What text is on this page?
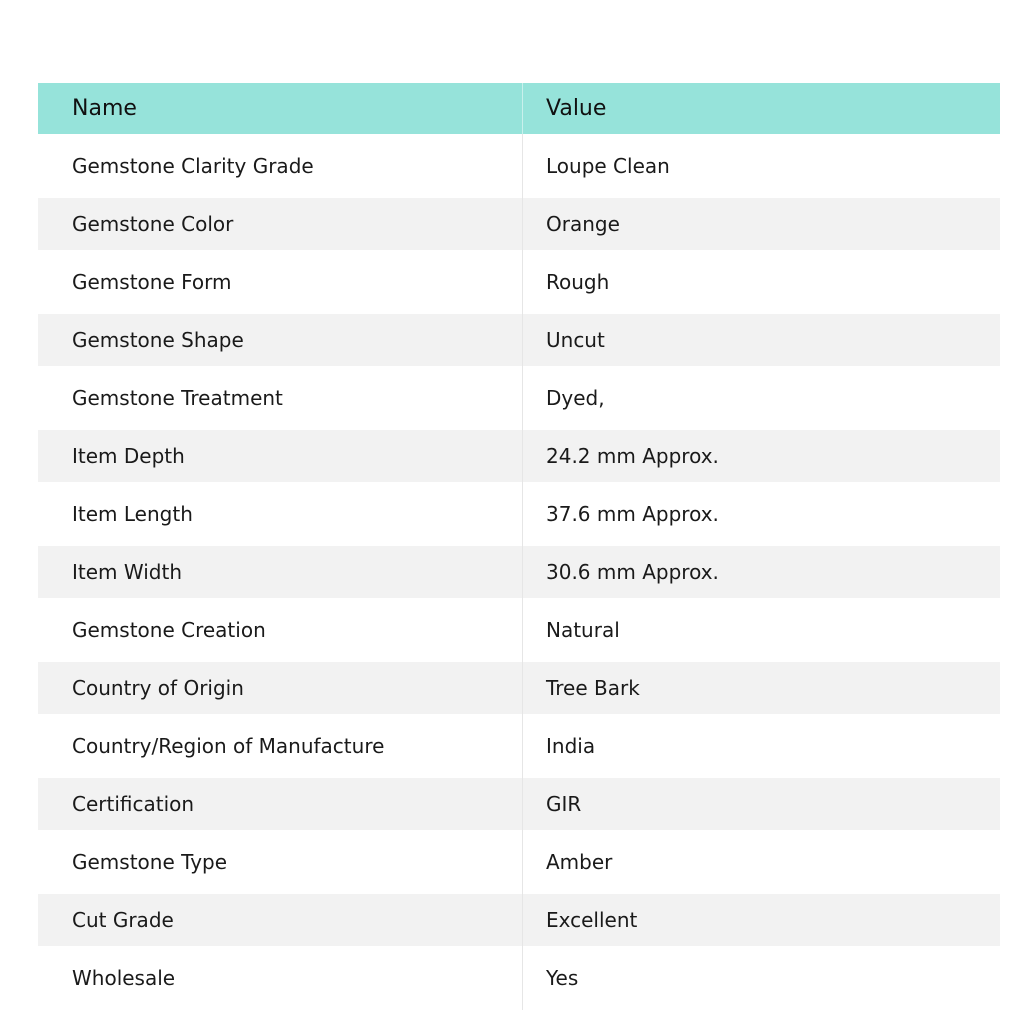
Name	Value
Gemstone Clarity Grade	Loupe Clean
Gemstone Color	Orange
Gemstone Form	Rough
Gemstone Shape	Uncut
Gemstone Treatment	Dyed,
Item Depth	24.2 mm Approx.
Item Length	37.6 mm Approx.
Item Width	30.6 mm Approx.
Gemstone Creation	Natural
Country of Origin	Tree Bark
Country/Region of Manufacture	India
Certification	GIR
Gemstone Type	Amber
Cut Grade	Excellent
Wholesale	Yes
